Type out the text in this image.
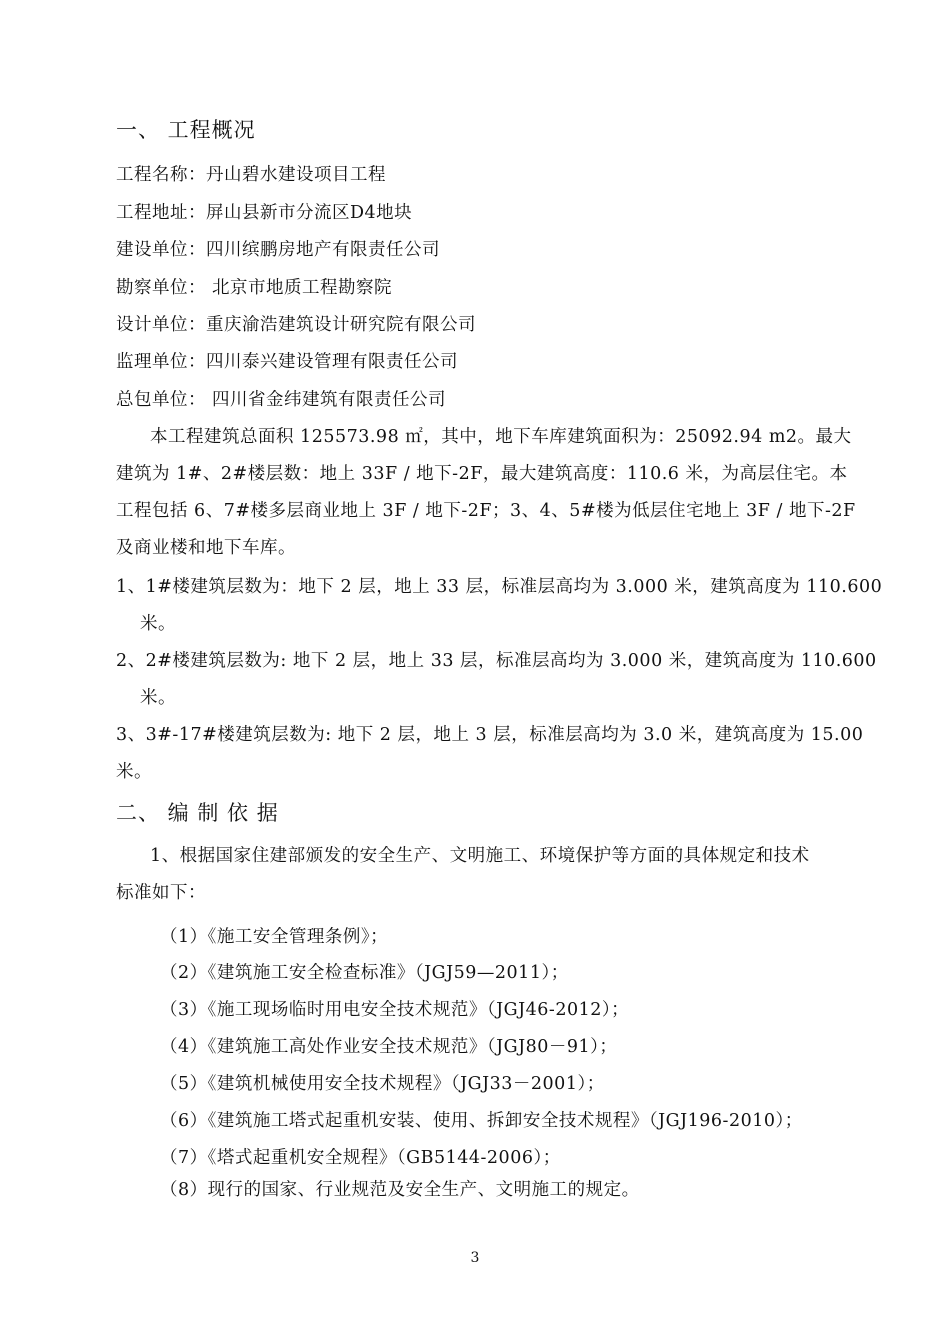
一、 工程概况
工程名称：丹山碧水建设项目工程
工程地址：屏山县新市分流区D4地块
建设单位：四川缤鹏房地产有限责任公司
勘察单位： 北京市地质工程勘察院
设计单位：重庆渝浩建筑设计研究院有限公司
监理单位：四川泰兴建设管理有限责任公司
总包单位： 四川省金纬建筑有限责任公司
本工程建筑总面积 125573.98 ㎡，其中，地下车库建筑面积为：25092.94 m2。最大
建筑为 1#、2#楼层数：地上 33F / 地下-2F，最大建筑高度：110.6 米，为高层住宅。本
工程包括 6、7#楼多层商业地上 3F / 地下-2F；3、4、5#楼为低层住宅地上 3F / 地下-2F
及商业楼和地下车库。
1、1#楼建筑层数为：地下 2 层，地上 33 层，标准层高均为 3.000 米，建筑高度为 110.600
米。
2、2#楼建筑层数为: 地下 2 层，地上 33 层，标准层高均为 3.000 米，建筑高度为 110.600
米。
3、3#-17#楼建筑层数为: 地下 2 层，地上 3 层，标准层高均为 3.0 米，建筑高度为 15.00
米。
二、 编 制 依 据
1、根据国家住建部颁发的安全生产、文明施工、环境保护等方面的具体规定和技术
标准如下：
（1）《施工安全管理条例》；
（2）《建筑施工安全检查标准》（JGJ59—2011）；
（3）《施工现场临时用电安全技术规范》（JGJ46-2012）；
（4）《建筑施工高处作业安全技术规范》（JGJ80－91）；
（5）《建筑机械使用安全技术规程》（JGJ33－2001）；
（6）《建筑施工塔式起重机安装、使用、拆卸安全技术规程》（JGJ196-2010）；
（7）《塔式起重机安全规程》（GB5144-2006）；
（8）现行的国家、行业规范及安全生产、文明施工的规定。
3
